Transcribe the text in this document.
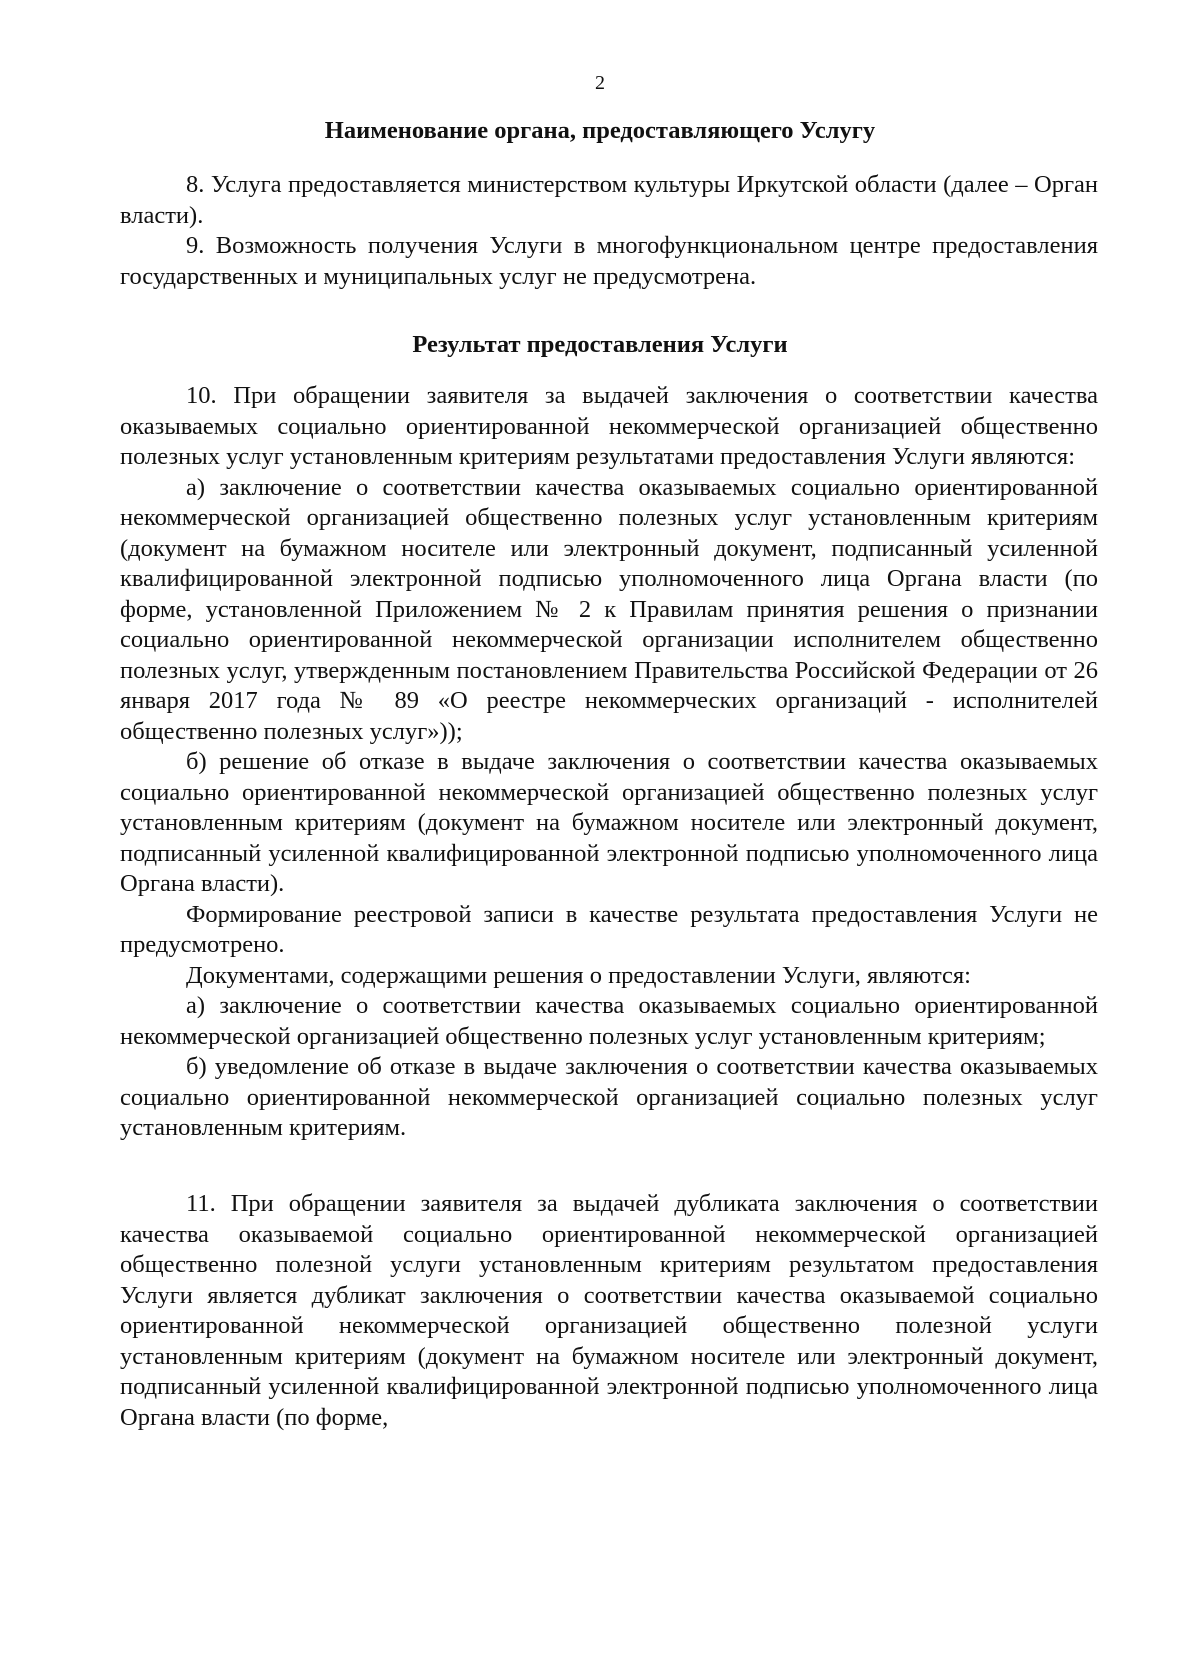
2
Наименование органа, предоставляющего Услугу

8. Услуга предоставляется министерством культуры Иркутской области (далее – Орган власти).

9. Возможность получения Услуги в многофункциональном центре предоставления государственных и муниципальных услуг не предусмотрена.

Результат предоставления Услуги

10. При обращении заявителя за выдачей заключения о соответствии качества оказываемых социально ориентированной некоммерческой организацией общественно полезных услуг установленным критериям результатами предоставления Услуги являются:

а) заключение о соответствии качества оказываемых социально ориентированной некоммерческой организацией общественно полезных услуг установленным критериям (документ на бумажном носителе или электронный документ, подписанный усиленной квалифицированной электронной подписью уполномоченного лица Органа власти (по форме, установленной Приложением № 2 к Правилам принятия решения о признании социально ориентированной некоммерческой организации исполнителем общественно полезных услуг, утвержденным постановлением Правительства Российской Федерации от 26 января 2017 года № 89 «О реестре некоммерческих организаций - исполнителей общественно полезных услуг»));

б) решение об отказе в выдаче заключения о соответствии качества оказываемых социально ориентированной некоммерческой организацией общественно полезных услуг установленным критериям (документ на бумажном носителе или электронный документ, подписанный усиленной квалифицированной электронной подписью уполномоченного лица Органа власти).

Формирование реестровой записи в качестве результата предоставления Услуги не предусмотрено.

Документами, содержащими решения о предоставлении Услуги, являются:

а) заключение о соответствии качества оказываемых социально ориентированной некоммерческой организацией общественно полезных услуг установленным критериям;

б) уведомление об отказе в выдаче заключения о соответствии качества оказываемых социально ориентированной некоммерческой организацией социально полезных услуг установленным критериям.

11. При обращении заявителя за выдачей дубликата заключения о соответствии качества оказываемой социально ориентированной некоммерческой организацией общественно полезной услуги установленным критериям результатом предоставления Услуги является дубликат заключения о соответствии качества оказываемой социально ориентированной некоммерческой организацией общественно полезной услуги установленным критериям (документ на бумажном носителе или электронный документ, подписанный усиленной квалифицированной электронной подписью уполномоченного лица Органа власти (по форме,
